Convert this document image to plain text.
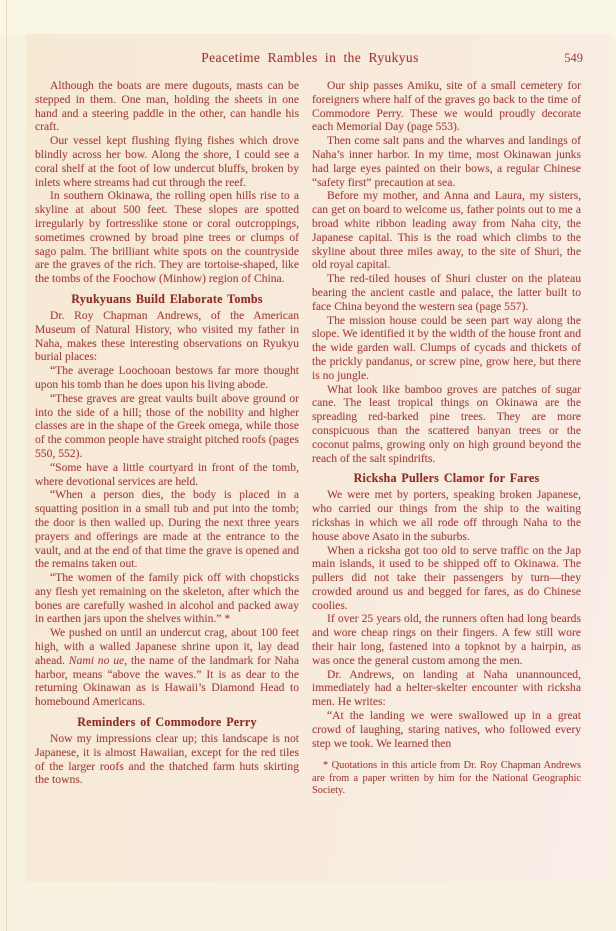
Peacetime Rambles in the Ryukyus	549

Although the boats are mere dugouts, masts can be stepped in them. One man, holding the sheets in one hand and a steering paddle in the other, can handle his craft.

Our vessel kept flushing flying fishes which drove blindly across her bow. Along the shore, I could see a coral shelf at the foot of low undercut bluffs, broken by inlets where streams had cut through the reef.

In southern Okinawa, the rolling open hills rise to a skyline at about 500 feet. These slopes are spotted irregularly by fortresslike stone or coral outcroppings, sometimes crowned by broad pine trees or clumps of sago palm. The brilliant white spots on the countryside are the graves of the rich. They are tortoise-shaped, like the tombs of the Foochow (Minhow) region of China.

Ryukyuans Build Elaborate Tombs

Dr. Roy Chapman Andrews, of the American Museum of Natural History, who visited my father in Naha, makes these interesting observations on Ryukyu burial places:

“The average Loochooan bestows far more thought upon his tomb than he does upon his living abode.

“These graves are great vaults built above ground or into the side of a hill; those of the nobility and higher classes are in the shape of the Greek omega, while those of the common people have straight pitched roofs (pages 550, 552).

“Some have a little courtyard in front of the tomb, where devotional services are held.

“When a person dies, the body is placed in a squatting position in a small tub and put into the tomb; the door is then walled up. During the next three years prayers and offerings are made at the entrance to the vault, and at the end of that time the grave is opened and the remains taken out.

“The women of the family pick off with chopsticks any flesh yet remaining on the skeleton, after which the bones are carefully washed in alcohol and packed away in earthen jars upon the shelves within.” *

We pushed on until an undercut crag, about 100 feet high, with a walled Japanese shrine upon it, lay dead ahead. Nami no ue, the name of the landmark for Naha harbor, means “above the waves.” It is as dear to the returning Okinawan as is Hawaii’s Diamond Head to homebound Americans.

Reminders of Commodore Perry

Now my impressions clear up; this landscape is not Japanese, it is almost Hawaiian, except for the red tiles of the larger roofs and the thatched farm huts skirting the towns.

Our ship passes Amiku, site of a small cemetery for foreigners where half of the graves go back to the time of Commodore Perry. These we would proudly decorate each Memorial Day (page 553).

Then come salt pans and the wharves and landings of Naha’s inner harbor. In my time, most Okinawan junks had large eyes painted on their bows, a regular Chinese “safety first” precaution at sea.

Before my mother, and Anna and Laura, my sisters, can get on board to welcome us, father points out to me a broad white ribbon leading away from Naha city, the Japanese capital. This is the road which climbs to the skyline about three miles away, to the site of Shuri, the old royal capital.

The red-tiled houses of Shuri cluster on the plateau bearing the ancient castle and palace, the latter built to face China beyond the western sea (page 557).

The mission house could be seen part way along the slope. We identified it by the width of the house front and the wide garden wall. Clumps of cycads and thickets of the prickly pandanus, or screw pine, grow here, but there is no jungle.

What look like bamboo groves are patches of sugar cane. The least tropical things on Okinawa are the spreading red-barked pine trees. They are more conspicuous than the scattered banyan trees or the coconut palms, growing only on high ground beyond the reach of the salt spindrifts.

Ricksha Pullers Clamor for Fares

We were met by porters, speaking broken Japanese, who carried our things from the ship to the waiting rickshas in which we all rode off through Naha to the house above Asato in the suburbs.

When a ricksha got too old to serve traffic on the Jap main islands, it used to be shipped off to Okinawa. The pullers did not take their passengers by turn—they crowded around us and begged for fares, as do Chinese coolies.

If over 25 years old, the runners often had long beards and wore cheap rings on their fingers. A few still wore their hair long, fastened into a topknot by a hairpin, as was once the general custom among the men.

Dr. Andrews, on landing at Naha unannounced, immediately had a helter-skelter encounter with ricksha men. He writes:

“At the landing we were swallowed up in a great crowd of laughing, staring natives, who followed every step we took. We learned then

* Quotations in this article from Dr. Roy Chapman Andrews are from a paper written by him for the National Geographic Society.
